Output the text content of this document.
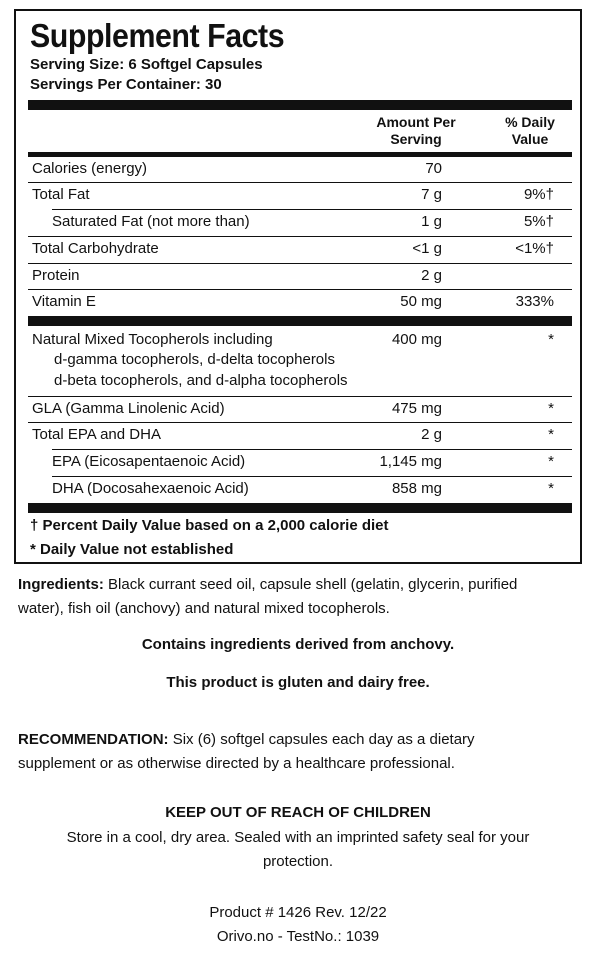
Supplement Facts
Serving Size: 6 Softgel Capsules
Servings Per Container: 30
Amount Per
Serving
% Daily
Value
Calories (energy)	70
Total Fat	7 g	9%†
Saturated Fat (not more than)	1 g	5%†
Total Carbohydrate	<1 g	<1%†
Protein	2 g
Vitamin E	50 mg	333%
Natural Mixed Tocopherols including
d-gamma tocopherols, d-delta tocopherols
d-beta tocopherols, and d-alpha tocopherols
400 mg	*
GLA (Gamma Linolenic Acid)	475 mg	*
Total EPA and DHA	2 g	*
EPA (Eicosapentaenoic Acid)	1,145 mg	*
DHA (Docosahexaenoic Acid)	858 mg	*
† Percent Daily Value based on a 2,000 calorie diet
* Daily Value not established
Ingredients: Black currant seed oil, capsule shell (gelatin, glycerin, purified
water), fish oil (anchovy) and natural mixed tocopherols.
Contains ingredients derived from anchovy.
This product is gluten and dairy free.
RECOMMENDATION: Six (6) softgel capsules each day as a dietary
supplement or as otherwise directed by a healthcare professional.
KEEP OUT OF REACH OF CHILDREN
Store in a cool, dry area. Sealed with an imprinted safety seal for your
protection.
Product # 1426 Rev. 12/22
Orivo.no - TestNo.: 1039
